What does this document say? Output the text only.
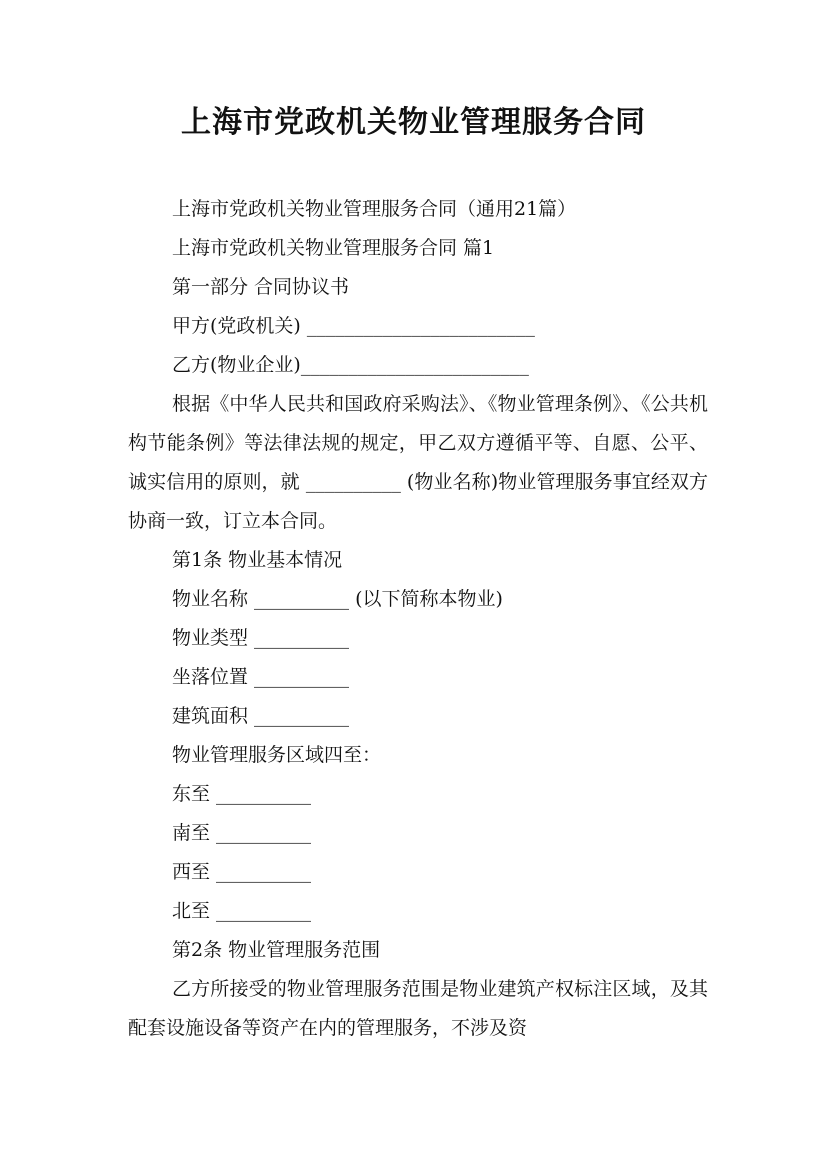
上海市党政机关物业管理服务合同
上海市党政机关物业管理服务合同（通用21篇）
上海市党政机关物业管理服务合同 篇1
第一部分 合同协议书
甲方(党政机关) ________________________
乙方(物业企业)________________________
根据《中华人民共和国政府采购法》、《物业管理条例》、《公共机构节能条例》等法律法规的规定，甲乙双方遵循平等、自愿、公平、诚实信用的原则，就 __________ (物业名称)物业管理服务事宜经双方协商一致，订立本合同。
第1条 物业基本情况
物业名称 __________ (以下简称本物业)
物业类型 __________
坐落位置 __________
建筑面积 __________
物业管理服务区域四至：
东至 __________
南至 __________
西至 __________
北至 __________
第2条 物业管理服务范围
乙方所接受的物业管理服务范围是物业建筑产权标注区域，及其配套设施设备等资产在内的管理服务，不涉及资
